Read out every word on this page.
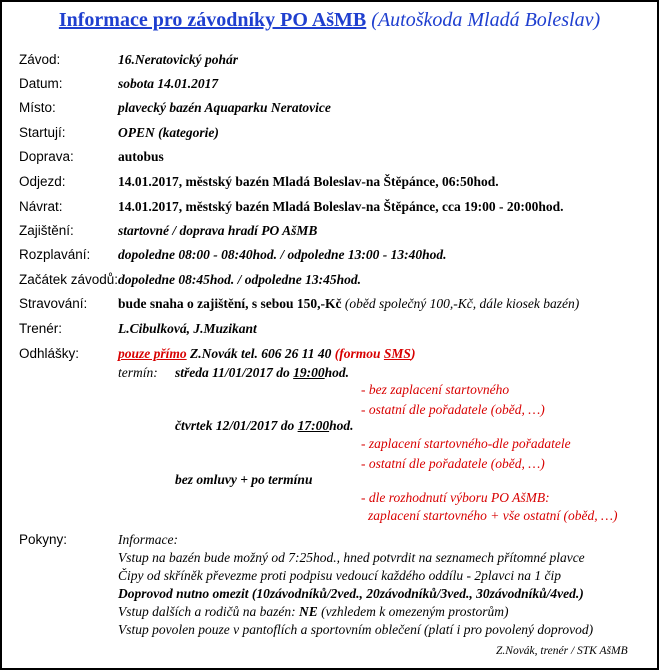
Informace pro závodníky PO AšMB (Autoškoda Mladá Boleslav)
Závod:	16.Neratovický pohár
Datum:	sobota 14.01.2017
Místo:	plavecký bazén Aquaparku Neratovice
Startují:	OPEN (kategorie)
Doprava:	autobus
Odjezd:	14.01.2017, městský bazén Mladá Boleslav-na Štěpánce, 06:50hod.
Návrat:	14.01.2017, městský bazén Mladá Boleslav-na Štěpánce, cca 19:00 - 20:00hod.
Zajištění:	startovné / doprava hradí PO AšMB
Rozplavání: dopoledne 08:00 - 08:40hod. / odpoledne 13:00 - 13:40hod.
Začátek závodů: dopoledne 08:45hod. / odpoledne 13:45hod.
Stravování: bude snaha o zajištění, s sebou 150,-Kč (oběd společný 100,-Kč, dále kiosek bazén)
Trenér:	L.Cibulková, J.Muzikant
Odhlášky:	pouze přímo Z.Novák tel. 606 26 11 40 (formou SMS)
termín: středa 11/01/2017 do 19:00hod.
- bez zaplacení startovného
- ostatní dle pořadatele (oběd, …)
čtvrtek 12/01/2017 do 17:00hod.
- zaplacení startovného-dle pořadatele
- ostatní dle pořadatele (oběd, …)
bez omluvy + po termínu
- dle rozhodnutí výboru PO AšMB:
zaplacení startovného + vše ostatní (oběd, …)
Pokyny:	Informace:
Vstup na bazén bude možný od 7:25hod., hned potvrdit na seznamech přítomné plavce
Čipy od skříněk převezme proti podpisu vedoucí každého oddílu - 2plavci na 1 čip
Doprovod nutno omezit (10závodníků/2ved., 20závodníků/3ved., 30závodníků/4ved.)
Vstup dalších a rodičů na bazén: NE (vzhledem k omezeným prostorům)
Vstup povolen pouze v pantoflích a sportovním oblečení (platí i pro povolený doprovod)
Z.Novák, trenér / STK AšMB
